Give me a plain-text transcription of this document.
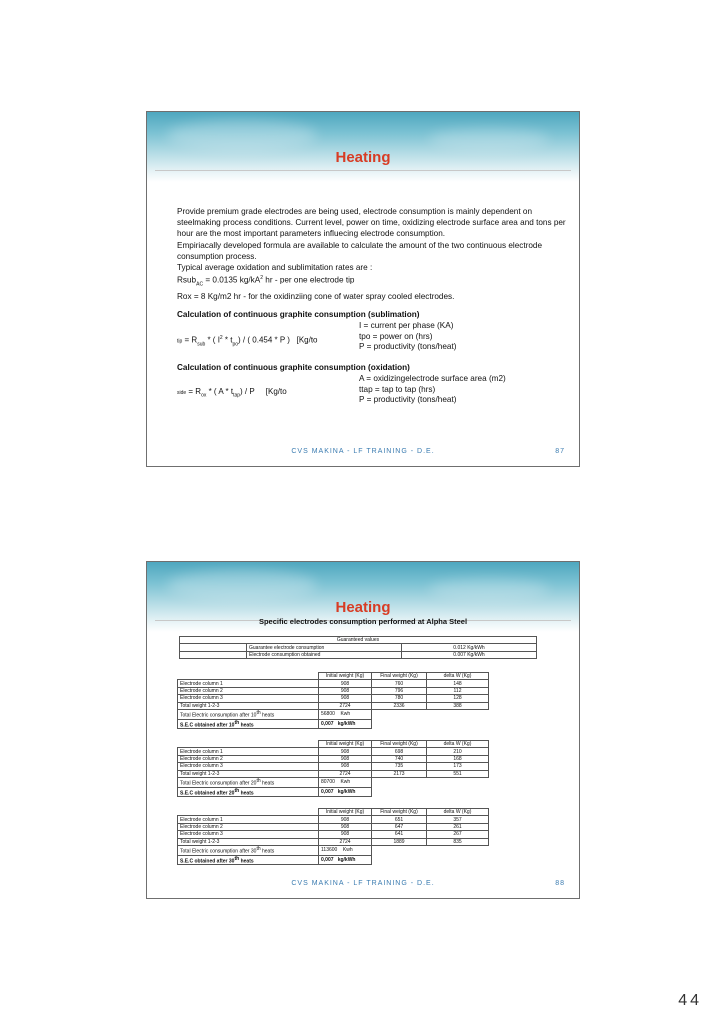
Heating

Provide premium grade electrodes are being used, electrode consumption is mainly dependent on steelmaking process conditions. Current level, power on time, oxidizing electrode surface area and tons per hour are the most important parameters influecing electrode consumption.

Empiriacally developed formula are available to calculate the amount of the two continuous electrode consumption process.

Typical average oxidation and sublimitation rates are :

Rsub$_{AC}$ = 0.0135 $kg/kA^2$ hr - per one electrode tip

Rox = 8 Kg/m2 hr - for the oxidinziing cone of water spray cooled electrodes.

Calculation of continuous graphite consumption (sublimation)

tip = $R_{sub}$ * ( $I^2 * t_{po}$) / ( 0.454 * P )   [Kg/to
I = current per phase (KA)
tpo = power on (hrs)
P = productivity (tons/heat)

Calculation of continuous graphite consumption (oxidation)

side = $R_{ox}$ * ( A * $t_{tap}$) / P     [Kg/to
A = oxidizingelectrode surface area (m2)
ttap = tap to tap (hrs)
P = productivity (tons/heat)
CVS MAKINA - LF TRAINING - D.E.	87
Heating
Specific electrodes consumption performed at Alpha Steel
Guaranteed values		
	Guarantee electrode consumption	0.012 Kg/kWh
	Electrode consumption obtained	0.007 Kg/kWh
	Initial weight (Kg)	Final weight (Kg)	delta W (Kg)
Electrode column 1	908	760	148
Electrode column 2	908	796	112
Electrode column 3	908	780	128
Total weight 1-2-3	2724	2336	388
Total Electric consumption after 10th heats	56800 Kwh		
S.E.C obtained after 10th heats	0,007 kg/kWh		
	Initial weight (Kg)	Final weight (Kg)	delta W (Kg)
Electrode column 1	908	698	210
Electrode column 2	908	740	168
Electrode column 3	908	735	173
Total weight 1-2-3	2724	2173	551
Total Electric consumption after 20th heats	80700 Kwh		
S.E.C obtained after 20th heats	0,007 kg/kWh		
	Initial weight (Kg)	Final weight (Kg)	delta W (Kg)
Electrode column 1	908	651	357
Electrode column 2	908	647	261
Electrode column 3	908	641	267
Total weight 1-2-3	2724	1889	835
Total Electric consumption after 30th heats	113600 Kwh		
S.E.C obtained after 30th heats	0,007 kg/kWh		
CVS MAKINA - LF TRAINING - D.E.	88
44
